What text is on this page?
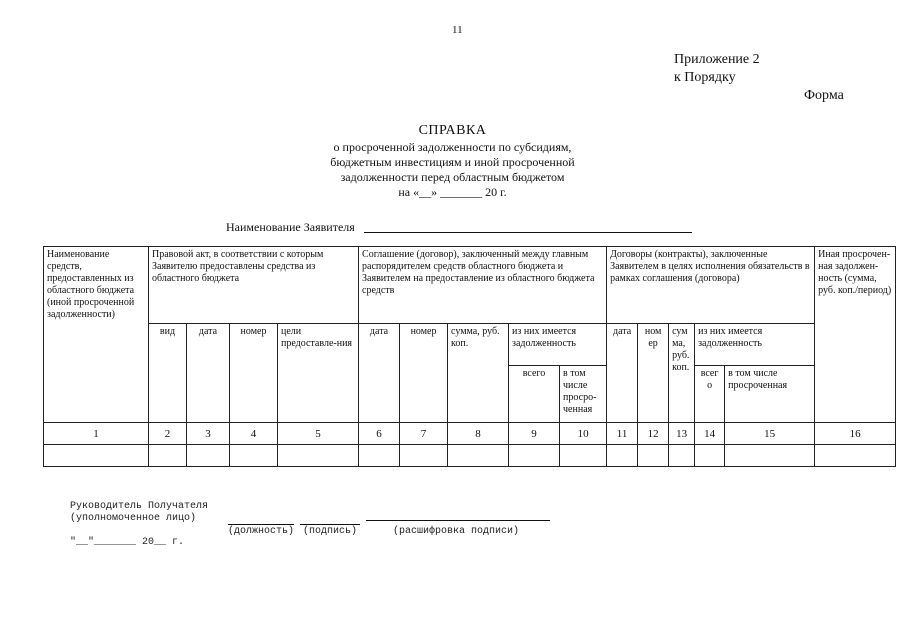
11
Приложение 2
к Порядку
Форма
СПРАВКА
о просроченной задолженности по субсидиям,
бюджетным инвестициям и иной просроченной
задолженности перед областным бюджетом
на «__» _______ 20 г.
Наименование Заявителя
Наименование средств, предоставленных из областного бюджета (иной просроченной задолженности)	Правовой акт, в соответствии с которым Заявителю предоставлены средства из областного бюджета				Соглашение (договор), заключенный между главным распорядителем средств областного бюджета и Заявителем на предоставление из областного бюджета средств					Договоры (контракты), заключенные Заявителем в целях исполнения обязательств в рамках соглашения (договора)					Иная просрочен-ная задолжен-ность (сумма, руб. коп./период)
	вид	дата	номер	цели предоставле-ния	дата	номер	сумма, руб. коп.	из них имеется задолженность		дата	ном ер	сум ма, руб. коп.	из них имеется задолженность		
								всего	в том числе просро-ченная				всег о	в том числе просроченная	
1	2	3	4	5	6	7	8	9	10	11	12	13	14	15	16

Руководитель Получателя
(уполномоченное лицо)
(должность) (подпись)	(расшифровка подписи)
"__"_______ 20__ г.
